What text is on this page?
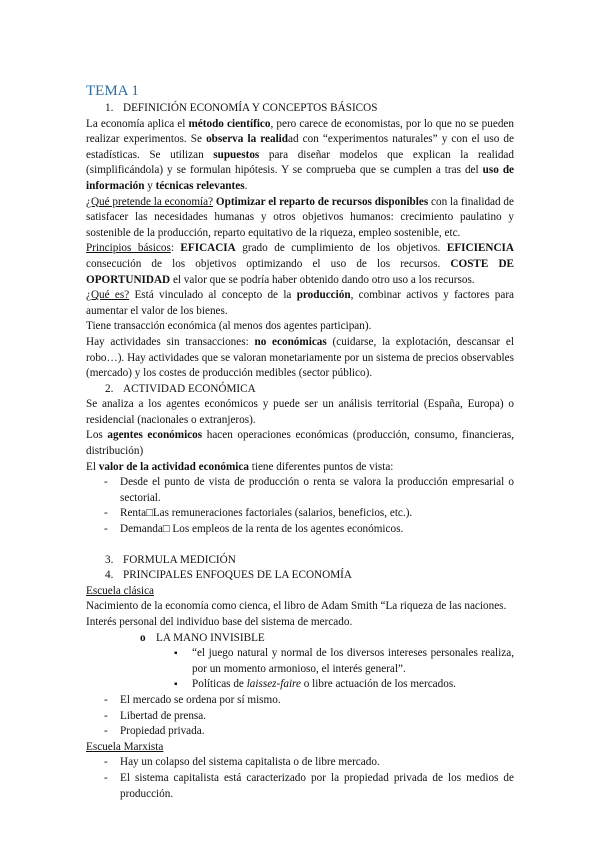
TEMA 1
1. DEFINICIÓN ECONOMÍA Y CONCEPTOS BÁSICOS

La economía aplica el método científico, pero carece de economistas, por lo que no se pueden realizar experimentos. Se observa la realidad con “experimentos naturales” y con el uso de estadísticas. Se utilizan supuestos para diseñar modelos que explican la realidad (simplificándola) y se formulan hipótesis. Y se comprueba que se cumplen a tras del uso de información y técnicas relevantes.

¿Qué pretende la economía? Optimizar el reparto de recursos disponibles con la finalidad de satisfacer las necesidades humanas y otros objetivos humanos: crecimiento paulatino y sostenible de la producción, reparto equitativo de la riqueza, empleo sostenible, etc.

Principios básicos: EFICACIA grado de cumplimiento de los objetivos. EFICIENCIA consecución de los objetivos optimizando el uso de los recursos. COSTE DE OPORTUNIDAD el valor que se podría haber obtenido dando otro uso a los recursos.

¿Qué es? Está vinculado al concepto de la producción, combinar activos y factores para aumentar el valor de los bienes.

Tiene transacción económica (al menos dos agentes participan).

Hay actividades sin transacciones: no económicas (cuidarse, la explotación, descansar el robo…). Hay actividades que se valoran monetariamente por un sistema de precios observables (mercado) y los costes de producción medibles (sector público).

2. ACTIVIDAD ECONÓMICA

Se analiza a los agentes económicos y puede ser un análisis territorial (España, Europa) o residencial (nacionales o extranjeros).

Los agentes económicos hacen operaciones económicas (producción, consumo, financieras, distribución)

El valor de la actividad económica tiene diferentes puntos de vista:

- Desde el punto de vista de producción o renta se valora la producción empresarial o sectorial.
- Renta□Las remuneraciones factoriales (salarios, beneficios, etc.).
- Demanda□ Los empleos de la renta de los agentes económicos.
3. FORMULA MEDICIÓN
4. PRINCIPALES ENFOQUES DE LA ECONOMÍA
Escuela clásica

Nacimiento de la economía como cienca, el libro de Adam Smith “La riqueza de las naciones.

Interés personal del individuo base del sistema de mercado.

o LA MANO INVISIBLE
▪ “el juego natural y normal de los diversos intereses personales realiza, por un momento armonioso, el interés general”.
▪ Políticas de laissez-faire o libre actuación de los mercados.
- El mercado se ordena por sí mismo.
- Libertad de prensa.
- Propiedad privada.
Escuela Marxista
- Hay un colapso del sistema capitalista o de libre mercado.
- El sistema capitalista está caracterizado por la propiedad privada de los medios de producción.
